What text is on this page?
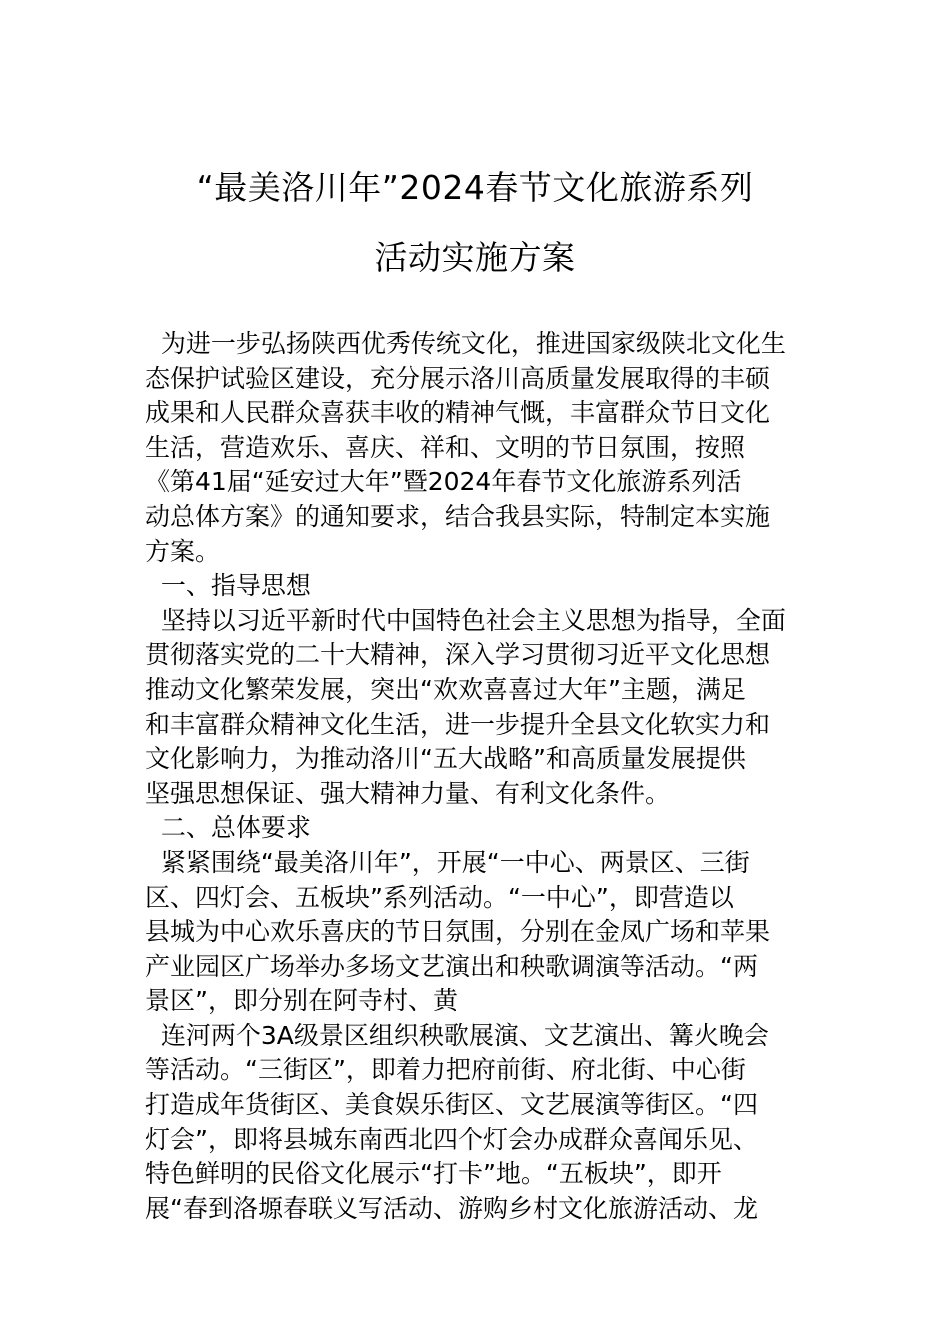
“最美洛川年”2024春节文化旅游系列
活动实施方案
为进一步弘扬陕西优秀传统文化，推进国家级陕北文化生
态保护试验区建设，充分展示洛川高质量发展取得的丰硕
成果和人民群众喜获丰收的精神气慨，丰富群众节日文化
生活，营造欢乐、喜庆、祥和、文明的节日氛围，按照
《第41届“延安过大年”暨2024年春节文化旅游系列活
动总体方案》的通知要求，结合我县实际，特制定本实施
方案。
一、指导思想
坚持以习近平新时代中国特色社会主义思想为指导，全面
贯彻落实党的二十大精神，深入学习贯彻习近平文化思想
推动文化繁荣发展，突出“欢欢喜喜过大年”主题，满足
和丰富群众精神文化生活，进一步提升全县文化软实力和
文化影响力，为推动洛川“五大战略”和高质量发展提供
坚强思想保证、强大精神力量、有利文化条件。
二、总体要求
紧紧围绕“最美洛川年”，开展“一中心、两景区、三街
区、四灯会、五板块”系列活动。“一中心”，即营造以
县城为中心欢乐喜庆的节日氛围，分别在金凤广场和苹果
产业园区广场举办多场文艺演出和秧歌调演等活动。“两
景区”，即分别在阿寺村、黄
连河两个3A级景区组织秧歌展演、文艺演出、篝火晚会
等活动。“三街区”，即着力把府前街、府北街、中心街
打造成年货街区、美食娱乐街区、文艺展演等街区。“四
灯会”，即将县城东南西北四个灯会办成群众喜闻乐见、
特色鲜明的民俗文化展示“打卡”地。“五板块”，即开
展“春到洛塬春联义写活动、游购乡村文化旅游活动、龙
